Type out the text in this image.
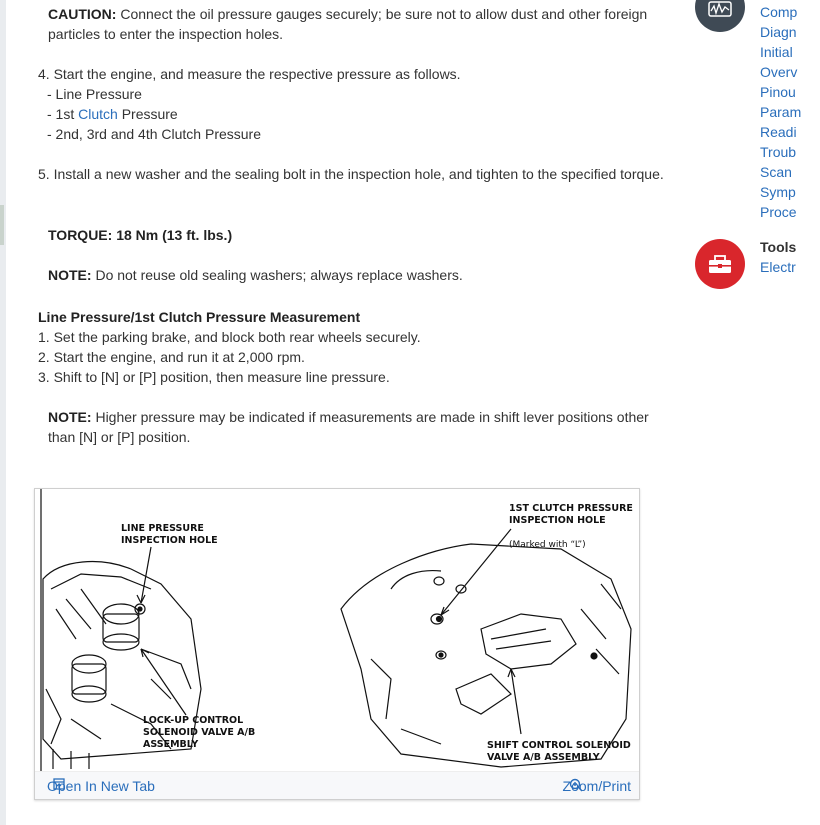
CAUTION: Connect the oil pressure gauges securely; be sure not to allow dust and other foreign particles to enter the inspection holes.
4. Start the engine, and measure the respective pressure as follows.
- Line Pressure
- 1st Clutch Pressure
- 2nd, 3rd and 4th Clutch Pressure
5. Install a new washer and the sealing bolt in the inspection hole, and tighten to the specified torque.
TORQUE: 18 Nm (13 ft. lbs.)
NOTE: Do not reuse old sealing washers; always replace washers.
Line Pressure/1st Clutch Pressure Measurement
1. Set the parking brake, and block both rear wheels securely.
2. Start the engine, and run it at 2,000 rpm.
3. Shift to [N] or [P] position, then measure line pressure.
NOTE: Higher pressure may be indicated if measurements are made in shift lever positions other than [N] or [P] position.
LINE PRESSURE
INSPECTION HOLE

1ST CLUTCH PRESSURE
INSPECTION HOLE

(Marked with “L”)

LOCK-UP CONTROL
SOLENOID VALVE A/B
ASSEMBLY	SHIFT CONTROL SOLENOID
VALVE A/B ASSEMBLY
Open In New Tab	Zoom/Print
Comp
Diagn
Initial
Overv
Pinou
Param
Readi
Troub
Scan
Symp
Proce
Tools
Electr
